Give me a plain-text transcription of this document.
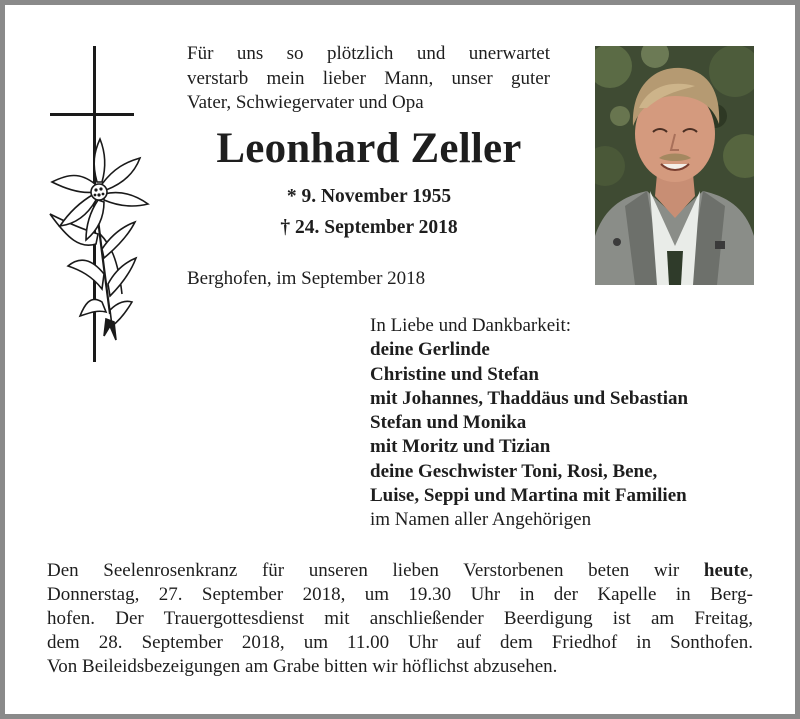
Für uns so plötzlich und unerwartet
verstarb mein lieber Mann, unser guter
Vater, Schwiegervater und Opa
Leonhard Zeller
* 9. November 1955
† 24. September 2018
Berghofen, im September 2018
In Liebe und Dankbarkeit:
deine Gerlinde
Christine und Stefan
mit Johannes, Thaddäus und Sebastian
Stefan und Monika
mit Moritz und Tizian
deine Geschwister Toni, Rosi, Bene,
Luise, Seppi und Martina mit Familien
im Namen aller Angehörigen
Den Seelenrosenkranz für unseren lieben Verstorbenen beten wir heute,
Donnerstag, 27. September 2018, um 19.30 Uhr in der Kapelle in Berg-
hofen. Der Trauergottesdienst mit anschließender Beerdigung ist am Freitag,
dem 28. September 2018, um 11.00 Uhr auf dem Friedhof in Sonthofen.
Von Beileidsbezeigungen am Grabe bitten wir höflichst abzusehen.
